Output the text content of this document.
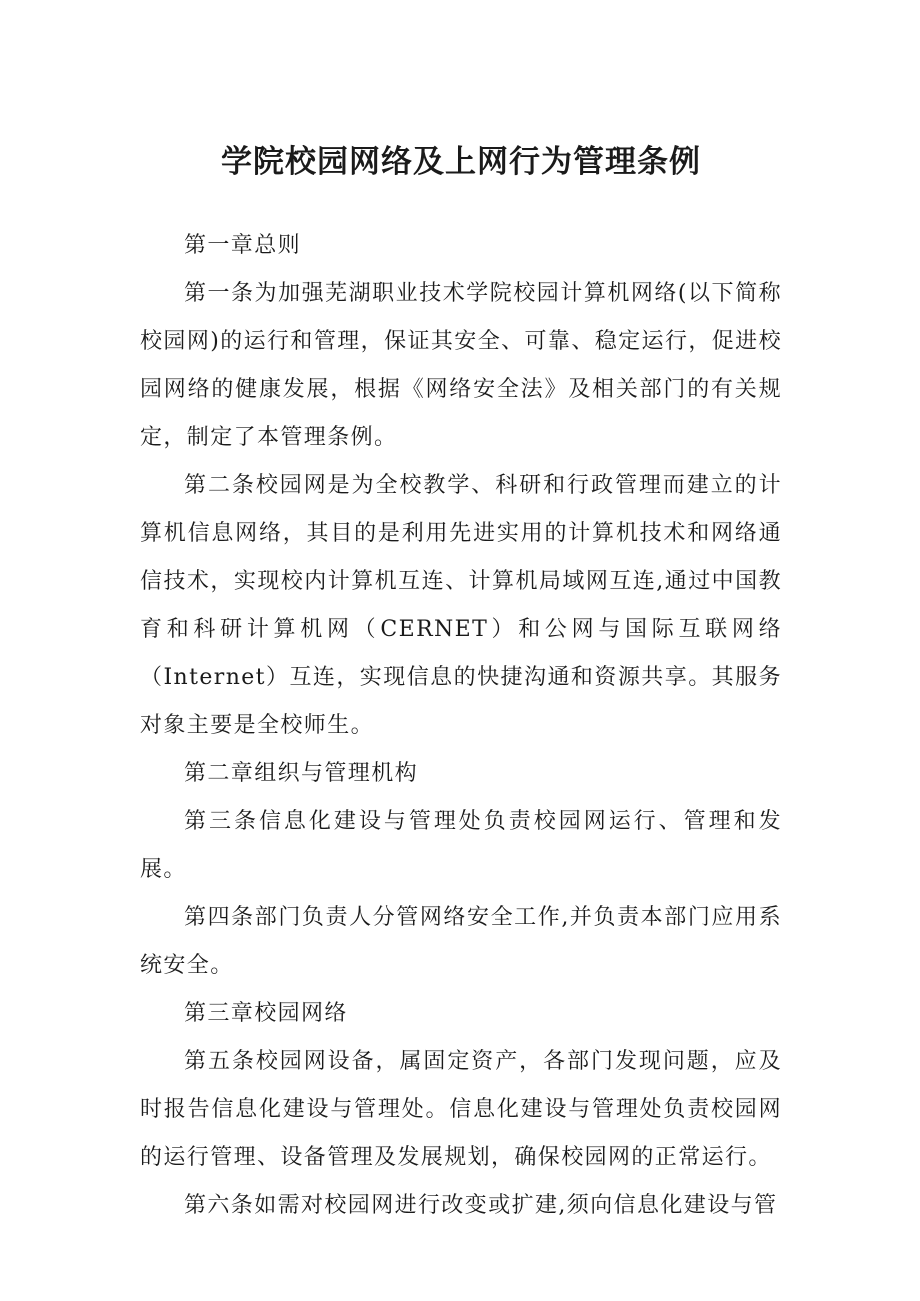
学院校园网络及上网行为管理条例

第一章总则

第一条为加强芜湖职业技术学院校园计算机网络(以下简称校园网)的运行和管理，保证其安全、可靠、稳定运行，促进校园网络的健康发展，根据《网络安全法》及相关部门的有关规定，制定了本管理条例。

第二条校园网是为全校教学、科研和行政管理而建立的计算机信息网络，其目的是利用先进实用的计算机技术和网络通信技术，实现校内计算机互连、计算机局域网互连,通过中国教育和科研计算机网（CERNET）和公网与国际互联网络（Internet）互连，实现信息的快捷沟通和资源共享。其服务对象主要是全校师生。

第二章组织与管理机构

第三条信息化建设与管理处负责校园网运行、管理和发展。

第四条部门负责人分管网络安全工作,并负责本部门应用系统安全。

第三章校园网络

第五条校园网设备，属固定资产，各部门发现问题，应及时报告信息化建设与管理处。信息化建设与管理处负责校园网的运行管理、设备管理及发展规划，确保校园网的正常运行。

第六条如需对校园网进行改变或扩建,须向信息化建设与管
